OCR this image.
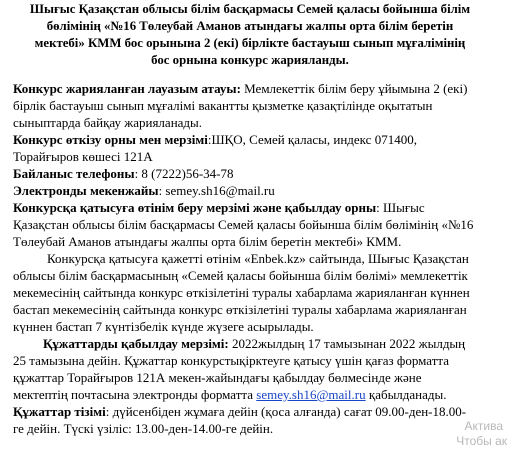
Шығыс Қазақстан облысы білім басқармасы Семей қаласы бойынша білім
бөлімінің «№16 Төлеубай Аманов атындағы жалпы орта білім беретін
мектебі» КММ бос орынына 2 (екі) бірлікте бастауыш сынып мұғалімінің
бос орнына конкурс жарияланды.
Конкурс жарияланған лауазым атауы: Мемлекеттік білім беру ұйымына 2 (екі)
бірлік бастауыш сынып мұғалімі вакантты қызметке қазақтілінде оқытатын
сыныптарда байқау жарияланады.
Конкурс өткізу орны мен мерзімі:ШҚО, Семей қаласы, индекс 071400,
Торайғыров көшесі 121А
Байланыс телефоны: 8 (7222)56-34-78
Электронды мекенжайы: semey.sh16@mail.ru
Конкурсқа қатысуға өтінім беру мерзімі және қабылдау орны: Шығыс
Қазақстан облысы білім басқармасы Семей қаласы бойынша білім бөлімінің «№16
Төлеубай Аманов атындағы жалпы орта білім беретін мектебі» КММ.
Конкурсқа қатысуға қажетті өтінім «Enbek.kz» сайтында, Шығыс Қазақстан
облысы білім басқармасының «Семей қаласы бойынша білім бөлімі» мемлекеттік
мекемесінің сайтында конкурс өткізілетіні туралы хабарлама жарияланған күннен
бастап мекемесінің сайтында конкурс өткізілетіні туралы хабарлама жарияланған
күннен бастап 7 күнтізбелік күнде жүзеге асырылады.
Құжаттарды қабылдау мерзімі: 2022жылдың 17 тамызынан 2022 жылдың
25 тамызына дейін. Құжаттар конкурстықірктеуге қатысу үшін қағаз форматта
құжаттар Торайғыров 121А мекен-жайындағы қабылдау бөлмесінде және
мектептің почтасына электронды форматта semey.sh16@mail.ru қабылданады.
Құжаттар тізімі: дүйсенбіден жұмаға дейін (қоса алғанда) сағат 09.00-ден-18.00-
ге дейін. Түскі үзіліс: 13.00-ден-14.00-ге дейін.	Актива
Чтобы ак
